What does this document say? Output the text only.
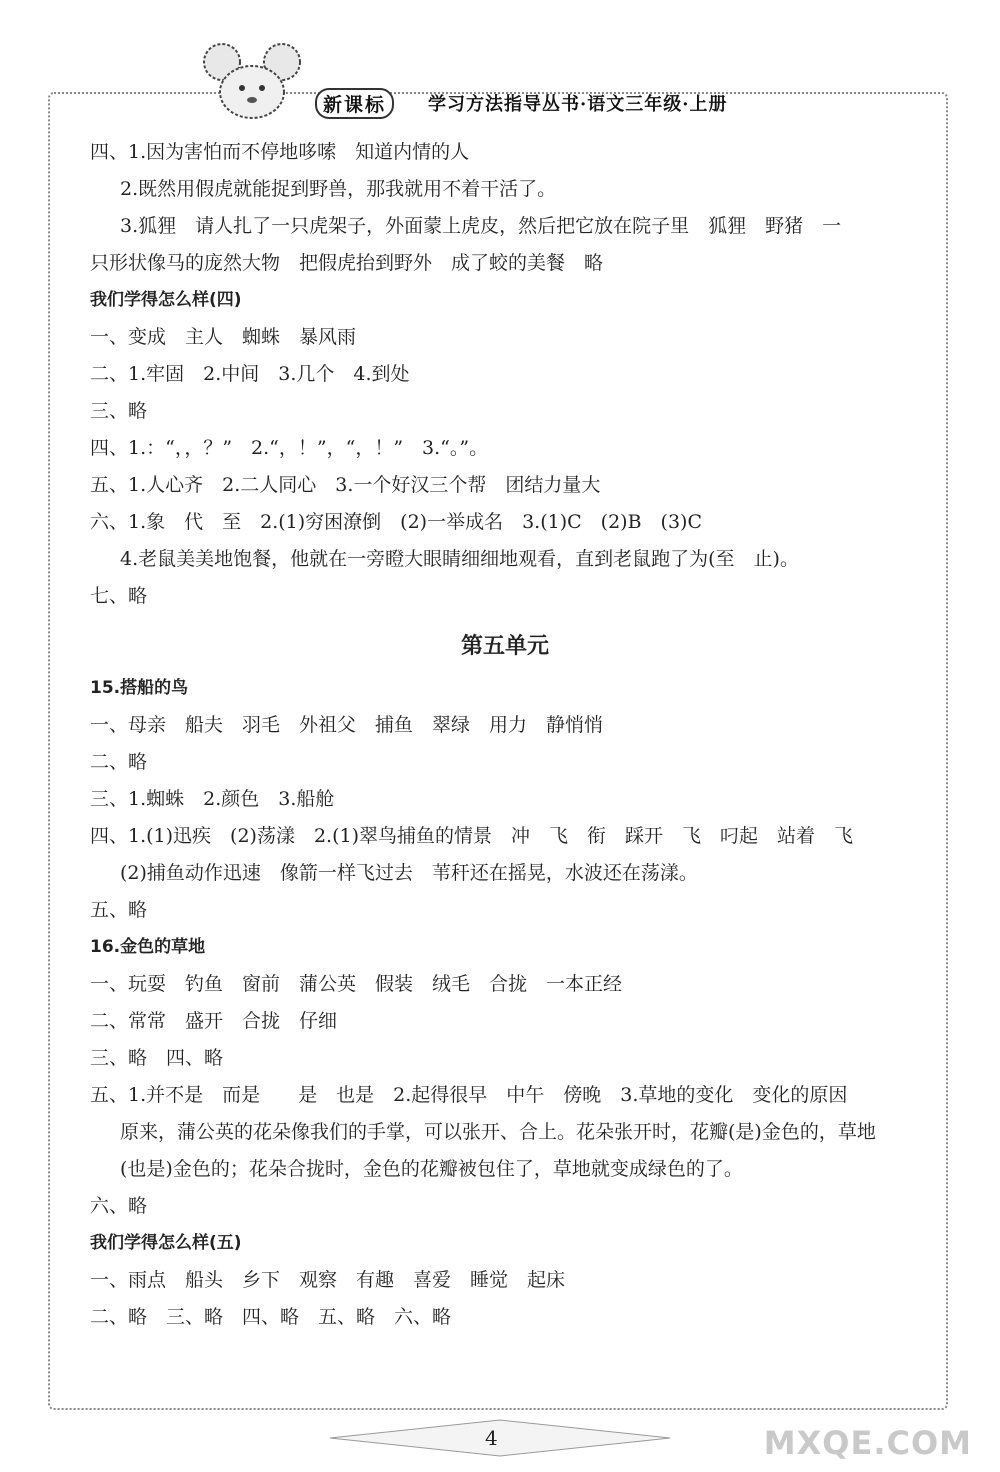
新课标	学习方法指导丛书·语文三年级·上册
四、1.因为害怕而不停地哆嗦　知道内情的人
2.既然用假虎就能捉到野兽，那我就用不着干活了。
3.狐狸　请人扎了一只虎架子，外面蒙上虎皮，然后把它放在院子里　狐狸　野猪　一
只形状像马的庞然大物　把假虎抬到野外　成了蛟的美餐　略
我们学得怎么样(四)
一、变成　主人　蜘蛛　暴风雨
二、1.牢固　2.中间　3.几个　4.到处
三、略
四、1.：“，，？”　2.“，！”，“，！”　3.“。”。
五、1.人心齐　2.二人同心　3.一个好汉三个帮　团结力量大
六、1.象　代　至　2.(1)穷困潦倒　(2)一举成名　3.(1)C　(2)B　(3)C
4.老鼠美美地饱餐，他就在一旁瞪大眼睛细细地观看，直到老鼠跑了为(至　止)。
七、略
第五单元
15.搭船的鸟
一、母亲　船夫　羽毛　外祖父　捕鱼　翠绿　用力　静悄悄
二、略
三、1.蜘蛛　2.颜色　3.船舱
四、1.(1)迅疾　(2)荡漾　2.(1)翠鸟捕鱼的情景　冲　飞　衔　踩开　飞　叼起　站着　飞
(2)捕鱼动作迅速　像箭一样飞过去　苇秆还在摇晃，水波还在荡漾。
五、略
16.金色的草地
一、玩耍　钓鱼　窗前　蒲公英　假装　绒毛　合拢　一本正经
二、常常　盛开　合拢　仔细
三、略　四、略
五、1.并不是　而是　　是　也是　2.起得很早　中午　傍晚　3.草地的变化　变化的原因
原来，蒲公英的花朵像我们的手掌，可以张开、合上。花朵张开时，花瓣(是)金色的，草地
(也是)金色的；花朵合拢时，金色的花瓣被包住了，草地就变成绿色的了。
六、略
我们学得怎么样(五)
一、雨点　船头　乡下　观察　有趣　喜爱　睡觉　起床
二、略　三、略　四、略　五、略　六、略
4	MXQE.COM
